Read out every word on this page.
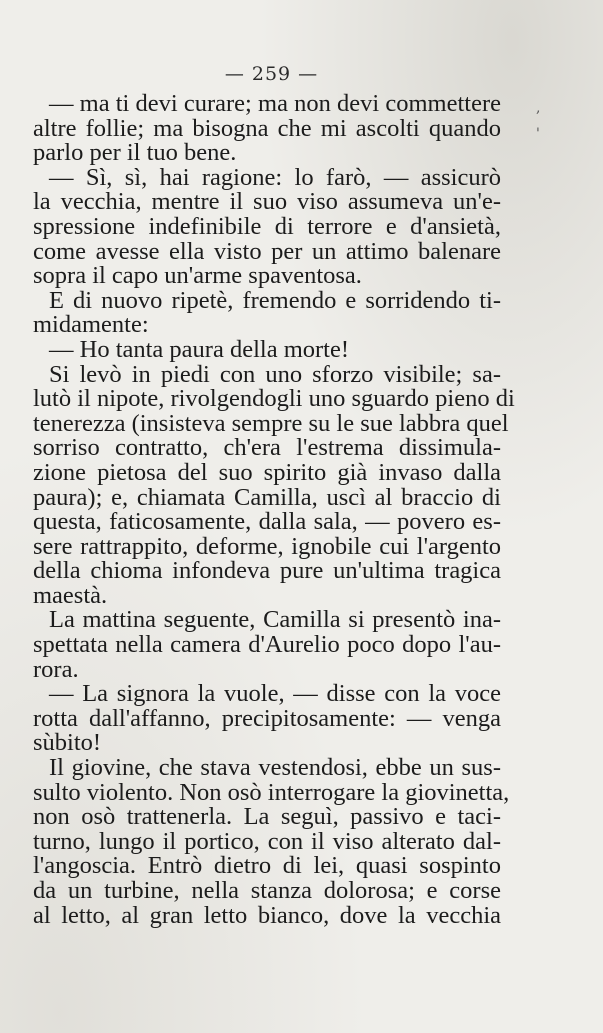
— 259 —
— ma ti devi curare; ma non devi commettere
altre follie; ma bisogna che mi ascolti quando
parlo per il tuo bene.
— Sì, sì, hai ragione: lo farò, — assicurò
la vecchia, mentre il suo viso assumeva un'e-
spressione indefinibile di terrore e d'ansietà,
come avesse ella visto per un attimo balenare
sopra il capo un'arme spaventosa.
E di nuovo ripetè, fremendo e sorridendo ti-
midamente:
— Ho tanta paura della morte!
Si levò in piedi con uno sforzo visibile; sa-
lutò il nipote, rivolgendogli uno sguardo pieno di
tenerezza (insisteva sempre su le sue labbra quel
sorriso contratto, ch'era l'estrema dissimula-
zione pietosa del suo spirito già invaso dalla
paura); e, chiamata Camilla, uscì al braccio di
questa, faticosamente, dalla sala, — povero es-
sere rattrappito, deforme, ignobile cui l'argento
della chioma infondeva pure un'ultima tragica
maestà.
La mattina seguente, Camilla si presentò ina-
spettata nella camera d'Aurelio poco dopo l'au-
rora.
— La signora la vuole, — disse con la voce
rotta dall'affanno, precipitosamente: — venga
sùbito!
Il giovine, che stava vestendosi, ebbe un sus-
sulto violento. Non osò interrogare la giovinetta,
non osò trattenerla. La seguì, passivo e taci-
turno, lungo il portico, con il viso alterato dal-
l'angoscia. Entrò dietro di lei, quasi sospinto
da un turbine, nella stanza dolorosa; e corse
al letto, al gran letto bianco, dove la vecchia
,
'
